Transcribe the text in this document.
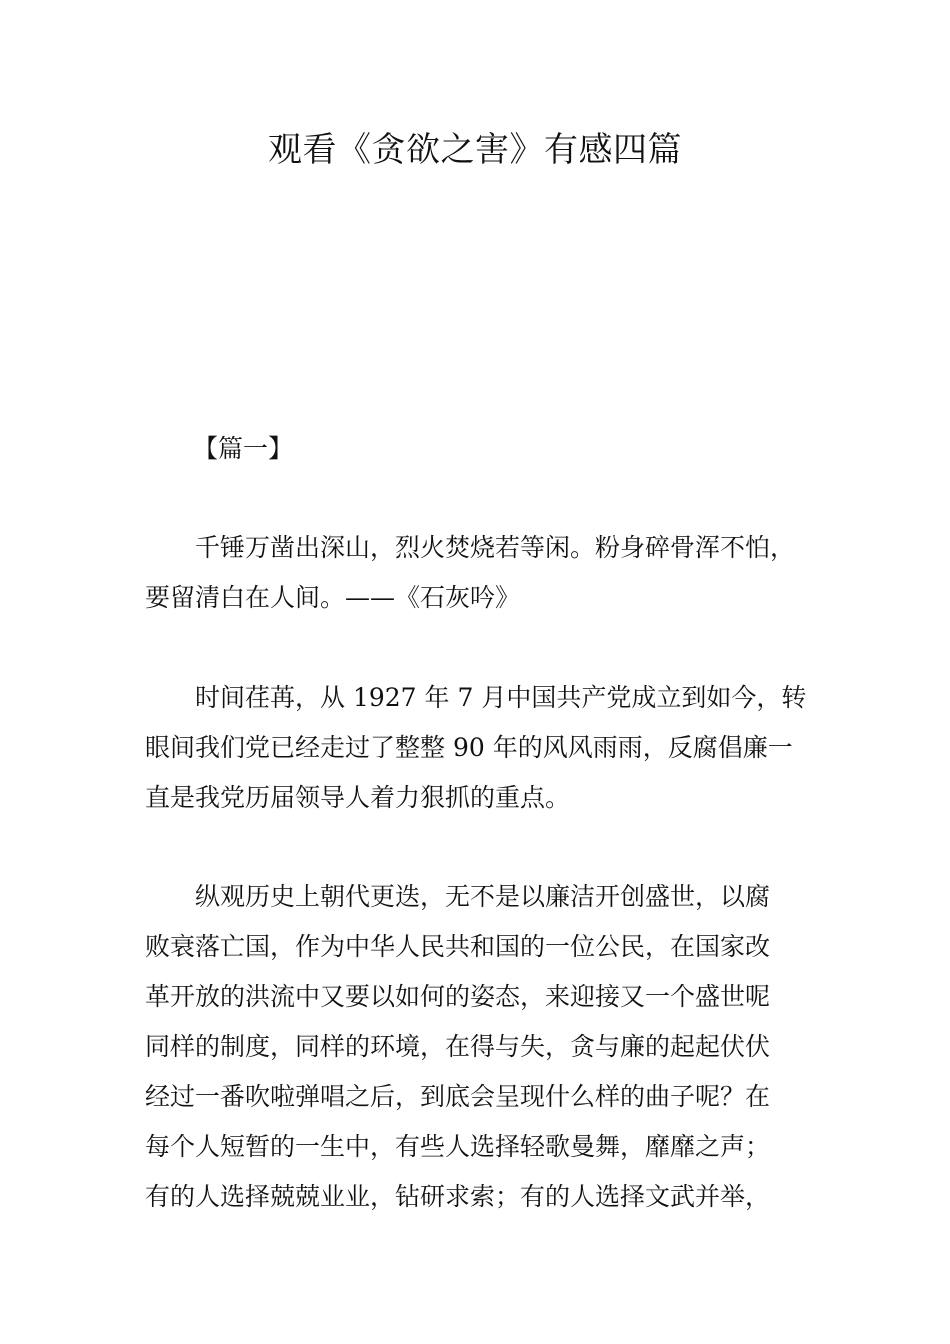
观看《贪欲之害》有感四篇
【篇一】
千锤万凿出深山，烈火焚烧若等闲。粉身碎骨浑不怕，
要留清白在人间。——《石灰吟》
时间荏苒，从 1927 年 7 月中国共产党成立到如今，转
眼间我们党已经走过了整整 90 年的风风雨雨，反腐倡廉一
直是我党历届领导人着力狠抓的重点。
纵观历史上朝代更迭，无不是以廉洁开创盛世，以腐
败衰落亡国，作为中华人民共和国的一位公民，在国家改
革开放的洪流中又要以如何的姿态，来迎接又一个盛世呢
同样的制度，同样的环境，在得与失，贪与廉的起起伏伏
经过一番吹啦弹唱之后，到底会呈现什么样的曲子呢？在
每个人短暂的一生中，有些人选择轻歌曼舞，靡靡之声；
有的人选择兢兢业业，钻研求索；有的人选择文武并举，
